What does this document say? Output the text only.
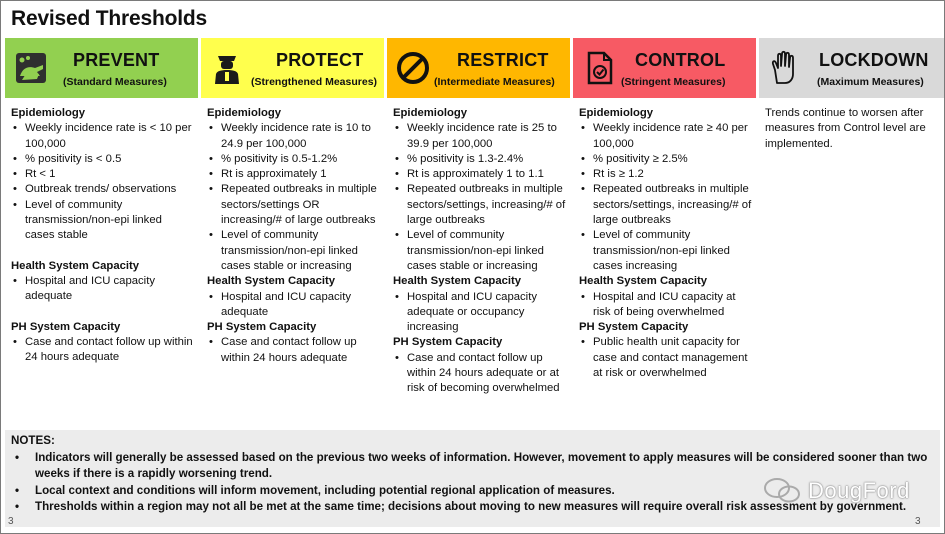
Revised Thresholds
PREVENT
(Standard Measures)
Epidemiology
• Weekly incidence rate is < 10 per 100,000
• % positivity is < 0.5
• Rt < 1
• Outbreak trends/ observations
• Level of community transmission/non-epi linked cases stable
Health System Capacity
• Hospital and ICU capacity adequate
PH System Capacity
• Case and contact follow up within 24 hours adequate
PROTECT
(Strengthened Measures)
Epidemiology
• Weekly incidence rate is 10 to 24.9 per 100,000
• % positivity is 0.5-1.2%
• Rt is approximately 1
• Repeated outbreaks in multiple sectors/settings OR increasing/# of large outbreaks
• Level of community transmission/non-epi linked cases stable or increasing
Health System Capacity
• Hospital and ICU capacity adequate
PH System Capacity
• Case and contact follow up within 24 hours adequate
RESTRICT
(Intermediate Measures)
Epidemiology
• Weekly incidence rate is 25 to 39.9 per 100,000
• % positivity is 1.3-2.4%
• Rt is approximately 1 to 1.1
• Repeated outbreaks in multiple sectors/settings, increasing/# of large outbreaks
• Level of community transmission/non-epi linked cases stable or increasing
Health System Capacity
• Hospital and ICU capacity adequate or occupancy increasing
PH System Capacity
• Case and contact follow up within 24 hours adequate or at risk of becoming overwhelmed
CONTROL
(Stringent Measures)
Epidemiology
• Weekly incidence rate ≥ 40 per 100,000
• % positivity ≥ 2.5%
• Rt is ≥ 1.2
• Repeated outbreaks in multiple sectors/settings, increasing/# of large outbreaks
• Level of community transmission/non-epi linked cases increasing
Health System Capacity
• Hospital and ICU capacity at risk of being overwhelmed
PH System Capacity
• Public health unit capacity for case and contact management at risk or overwhelmed
LOCKDOWN
(Maximum Measures)
Trends continue to worsen after measures from Control level are implemented.
NOTES:
• Indicators will generally be assessed based on the previous two weeks of information. However, movement to apply measures will be considered sooner than two weeks if there is a rapidly worsening trend.
• Local context and conditions will inform movement, including potential regional application of measures.
• Thresholds within a region may not all be met at the same time; decisions about moving to new measures will require overall risk assessment by government.
DougFord
3	3
